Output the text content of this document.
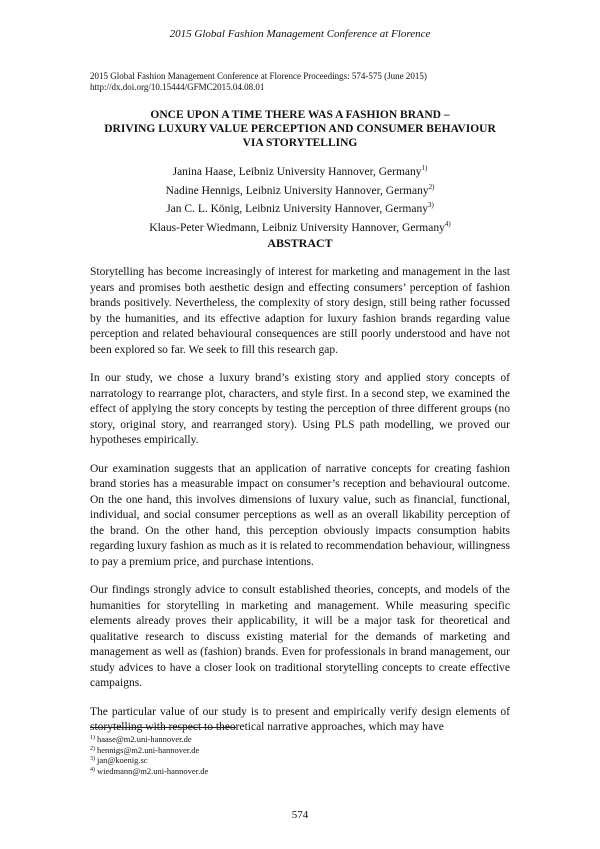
2015 Global Fashion Management Conference at Florence
2015 Global Fashion Management Conference at Florence Proceedings: 574-575 (June 2015)
http://dx.doi.org/10.15444/GFMC2015.04.08.01
ONCE UPON A TIME THERE WAS A FASHION BRAND –
DRIVING LUXURY VALUE PERCEPTION AND CONSUMER BEHAVIOUR
VIA STORYTELLING
Janina Haase, Leibniz University Hannover, Germany$^{1)}$
Nadine Hennigs, Leibniz University Hannover, Germany$^{2)}$
Jan C. L. König, Leibniz University Hannover, Germany$^{3)}$
Klaus-Peter Wiedmann, Leibniz University Hannover, Germany$^{4)}$
ABSTRACT

Storytelling has become increasingly of interest for marketing and management in the last years and promises both aesthetic design and effecting consumers’ perception of fashion brands positively. Nevertheless, the complexity of story design, still being rather focussed by the humanities, and its effective adaption for luxury fashion brands regarding value perception and related behavioural consequences are still poorly understood and have not been explored so far. We seek to fill this research gap.

In our study, we chose a luxury brand’s existing story and applied story concepts of narratology to rearrange plot, characters, and style first. In a second step, we examined the effect of applying the story concepts by testing the perception of three different groups (no story, original story, and rearranged story). Using PLS path modelling, we proved our hypotheses empirically.

Our examination suggests that an application of narrative concepts for creating fashion brand stories has a measurable impact on consumer’s reception and behavioural outcome. On the one hand, this involves dimensions of luxury value, such as financial, functional, individual, and social consumer perceptions as well as an overall likability perception of the brand. On the other hand, this perception obviously impacts consumption habits regarding luxury fashion as much as it is related to recommendation behaviour, willingness to pay a premium price, and purchase intentions.

Our findings strongly advice to consult established theories, concepts, and models of the humanities for storytelling in marketing and management. While measuring specific elements already proves their applicability, it will be a major task for theoretical and qualitative research to discuss existing material for the demands of marketing and management as well as (fashion) brands. Even for professionals in brand management, our study advices to have a closer look on traditional storytelling concepts to create effective campaigns.

The particular value of our study is to present and empirically verify design elements of storytelling with respect to theoretical narrative approaches, which may have

$^{1)}$ haase@m2.uni-hannover.de
$^{2)}$ hennigs@m2.uni-hannover.de
$^{3)}$ jan@koenig.sc
$^{4)}$ wiedmann@m2.uni-hannover.de
574
